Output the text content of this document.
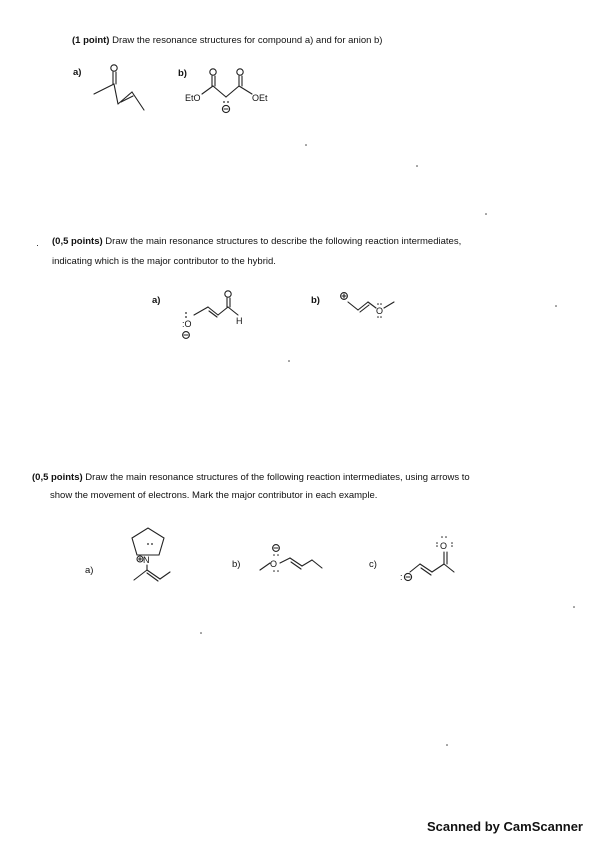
(1 point) Draw the resonance structures for compound a) and for anion b)
a)	b)
EtO	OEt
· (0,5 points) Draw the main resonance structures to describe the following reaction intermediates,
indicating which is the major contributor to the hybrid.
a)
:O	H
b)
O
(0,5 points) Draw the main resonance structures of the following reaction intermediates, using arrows to
show the movement of electrons. Mark the major contributor in each example.
a)
N	b)	O	c)
:
O
Scanned by CamScanner
